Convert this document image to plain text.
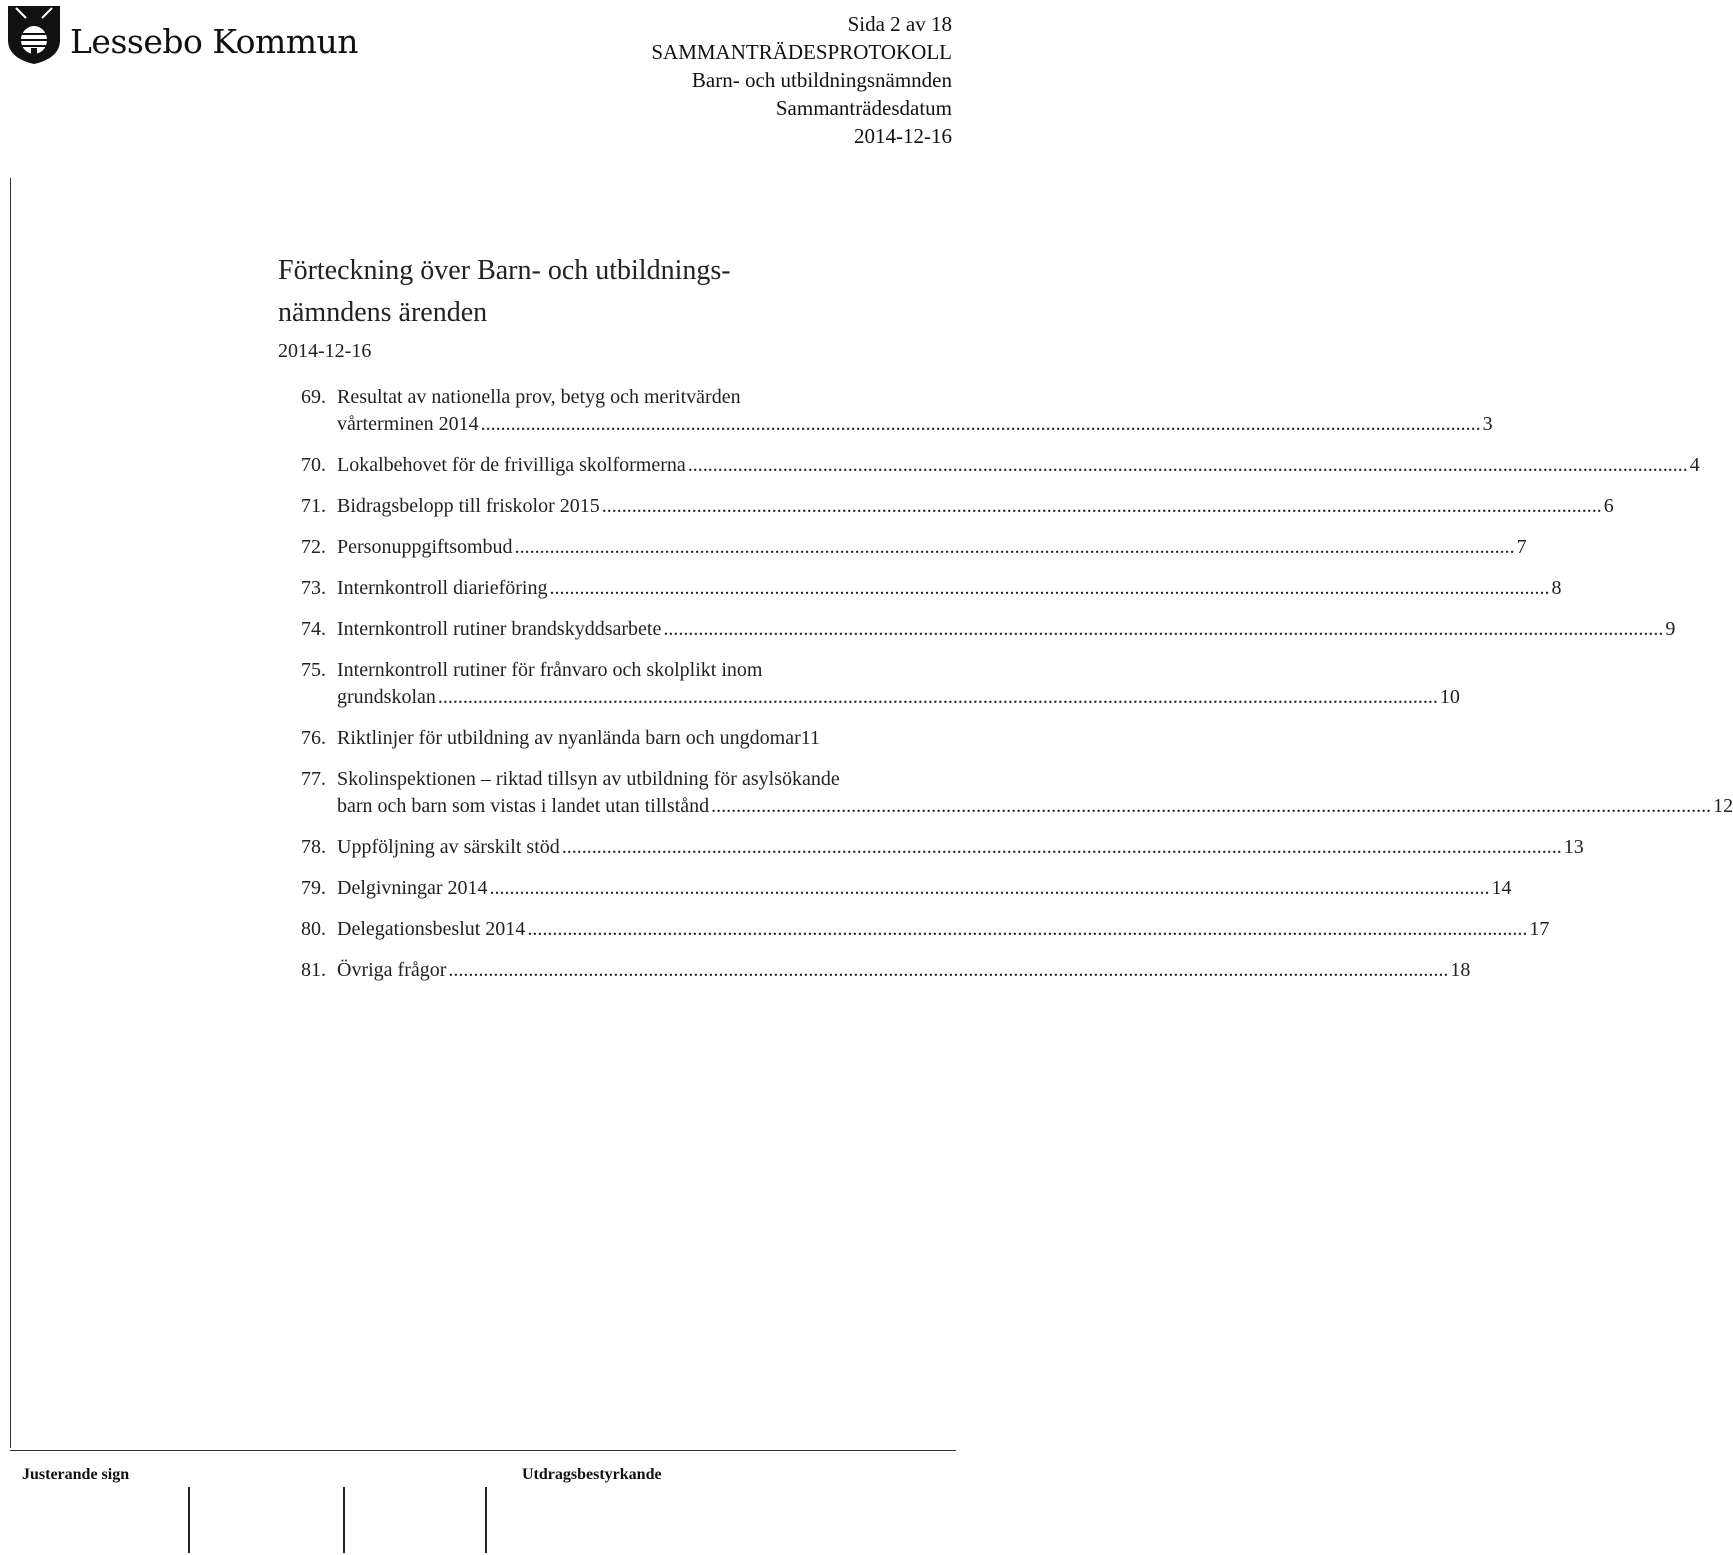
Lessebo Kommun	Sida 2 av 18
SAMMANTRÄDESPROTOKOLL
Barn- och utbildningsnämnden
Sammanträdesdatum
2014-12-16
Förteckning över Barn- och utbildnings-
nämndens ärenden
2014-12-16
69. Resultat av nationella prov, betyg och meritvärden
vårterminen 2014 ........................................................................................................................................................................................................ 3
70. Lokalbehovet för de frivilliga skolformerna ........................................................................................................................................................................................................ 4
71. Bidragsbelopp till friskolor 2015 ........................................................................................................................................................................................................ 6
72. Personuppgiftsombud ........................................................................................................................................................................................................ 7
73. Internkontroll diarieföring ........................................................................................................................................................................................................ 8
74. Internkontroll rutiner brandskyddsarbete ........................................................................................................................................................................................................ 9
75. Internkontroll rutiner för frånvaro och skolplikt inom
grundskolan ........................................................................................................................................................................................................ 10
76. Riktlinjer för utbildning av nyanlända barn och ungdomar 11
77. Skolinspektionen – riktad tillsyn av utbildning för asylsökande
barn och barn som vistas i landet utan tillstånd ........................................................................................................................................................................................................ 12
78. Uppföljning av särskilt stöd ........................................................................................................................................................................................................ 13
79. Delgivningar 2014 ........................................................................................................................................................................................................ 14
80. Delegationsbeslut 2014 ........................................................................................................................................................................................................ 17
81. Övriga frågor ........................................................................................................................................................................................................ 18
Justerande sign	Utdragsbestyrkande
